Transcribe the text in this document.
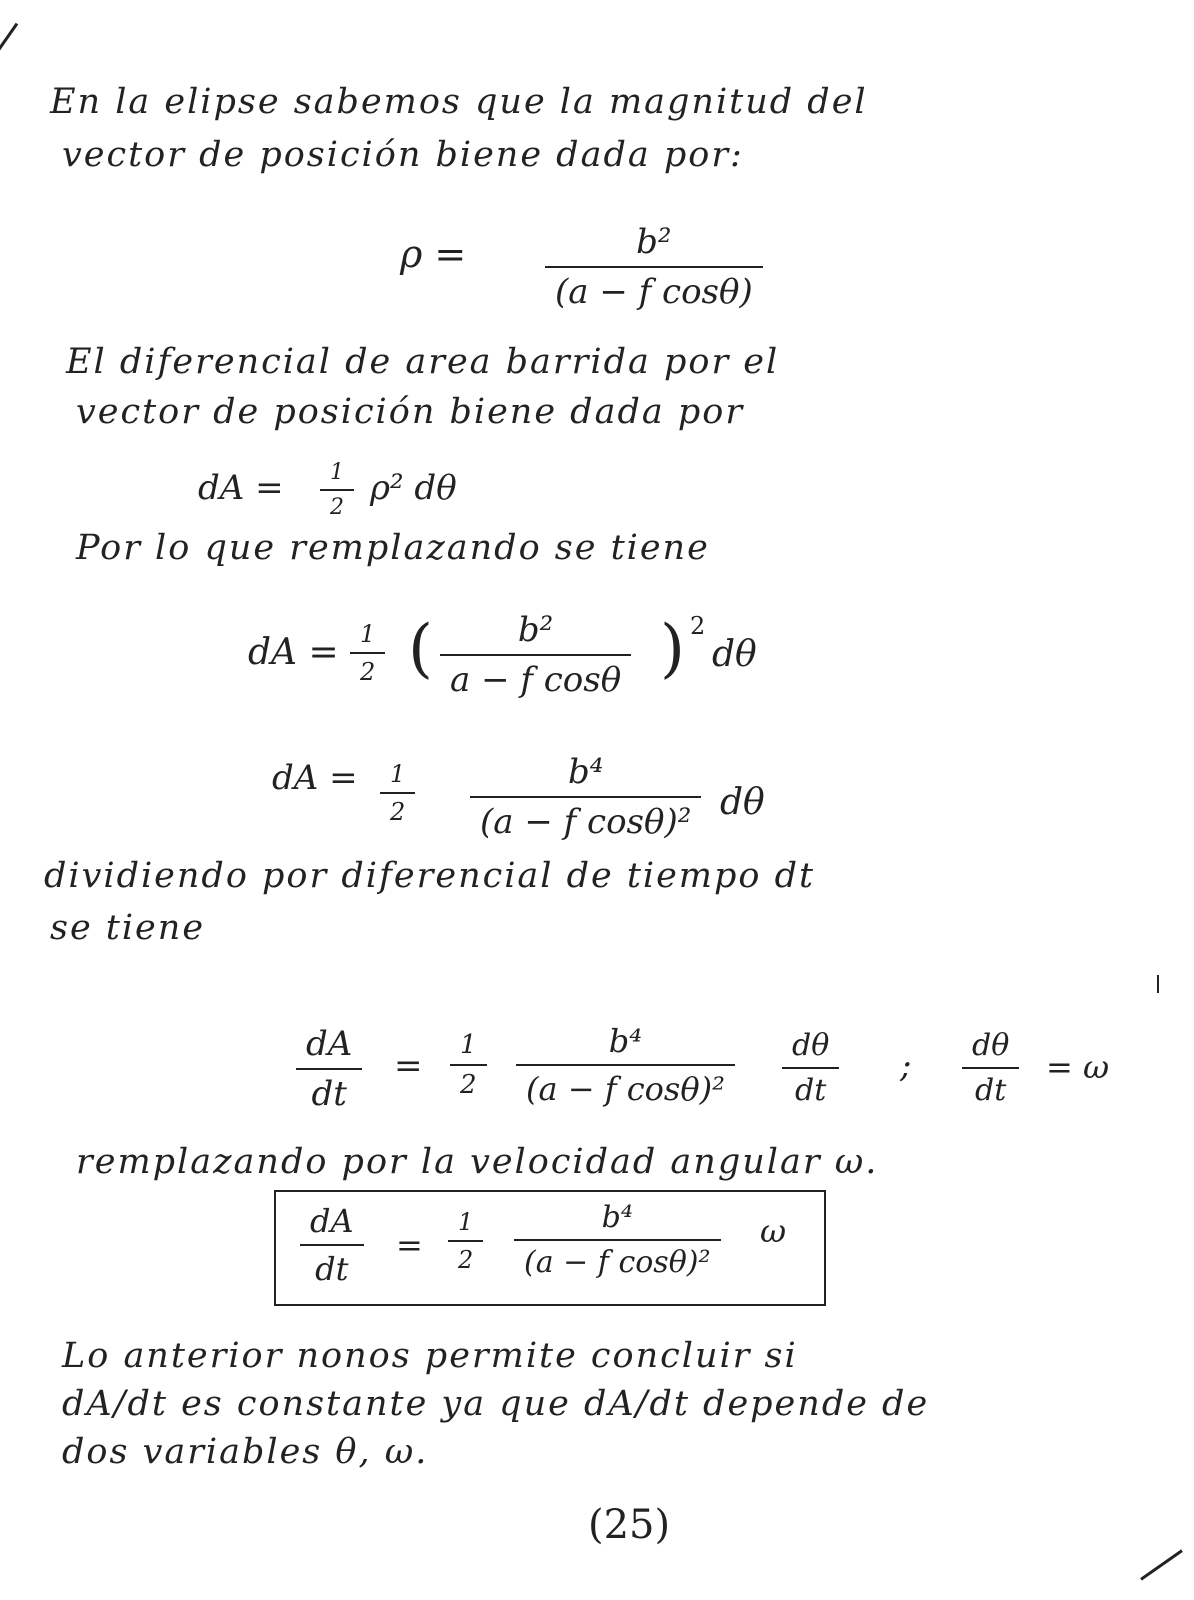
En la elipse sabemos que la magnitud del
vector de posición biene dada por:
ρ =	b²
(a − f cosθ)
El diferencial de area barrida por el
vector de posición biene dada por
dA =	1
2 ρ² dθ
Por lo que remplazando se tiene
dA = 1
2 ( b²
a − f cosθ ) 2
dθ
dA =	1
2
b⁴
(a − f cosθ)² dθ
dividiendo por diferencial de tiempo dt
se tiene
dA
dt
=
1
2
b⁴
(a − f cosθ)²
dθ
dt
;
dθ
dt
= ω
remplazando por la velocidad angular ω.
dA
dt
=
1
2
b⁴
(a − f cosθ)²
ω
Lo anterior nonos permite concluir si
dA/dt es constante ya que dA/dt depende de
dos variables θ, ω.
(25)
